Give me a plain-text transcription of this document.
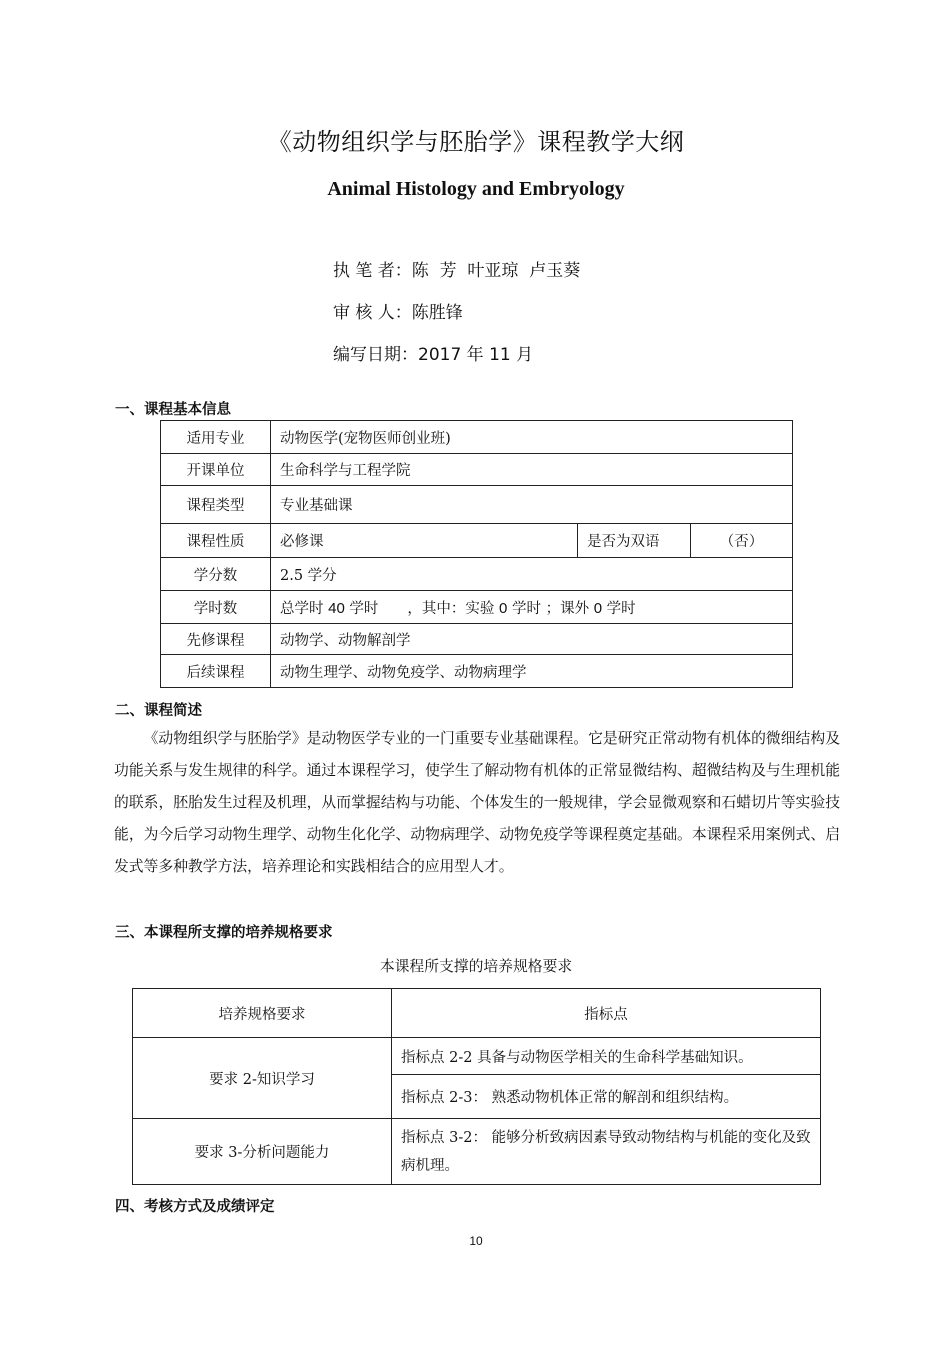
《动物组织学与胚胎学》课程教学大纲
Animal Histology and Embryology
执 笔 者：陈  芳  叶亚琼  卢玉葵
审 核 人：陈胜锋
编写日期：2017 年 11 月
一、课程基本信息
适用专业	动物医学(宠物医师创业班)		
开课单位	生命科学与工程学院		
课程类型	专业基础课		
课程性质	必修课	是否为双语	（否）
学分数	2.5 学分		
学时数	总学时 40 学时　　，其中：实验 0 学时 ；课外 0 学时		
先修课程	动物学、动物解剖学		
后续课程	动物生理学、动物免疫学、动物病理学		
二、课程简述
《动物组织学与胚胎学》是动物医学专业的一门重要专业基础课程。它是研究正常动物有机体的微细结构及功能关系与发生规律的科学。通过本课程学习，使学生了解动物有机体的正常显微结构、超微结构及与生理机能的联系，胚胎发生过程及机理，从而掌握结构与功能、个体发生的一般规律，学会显微观察和石蜡切片等实验技能，为今后学习动物生理学、动物生化化学、动物病理学、动物免疫学等课程奠定基础。本课程采用案例式、启发式等多种教学方法，培养理论和实践相结合的应用型人才。
三、本课程所支撑的培养规格要求
本课程所支撑的培养规格要求
培养规格要求	指标点
要求 2-知识学习	指标点 2-2 具备与动物医学相关的生命科学基础知识。
	指标点 2-3： 熟悉动物机体正常的解剖和组织结构。
要求 3-分析问题能力	指标点 3-2： 能够分析致病因素导致动物结构与机能的变化及致病机理。
四、考核方式及成绩评定
10
